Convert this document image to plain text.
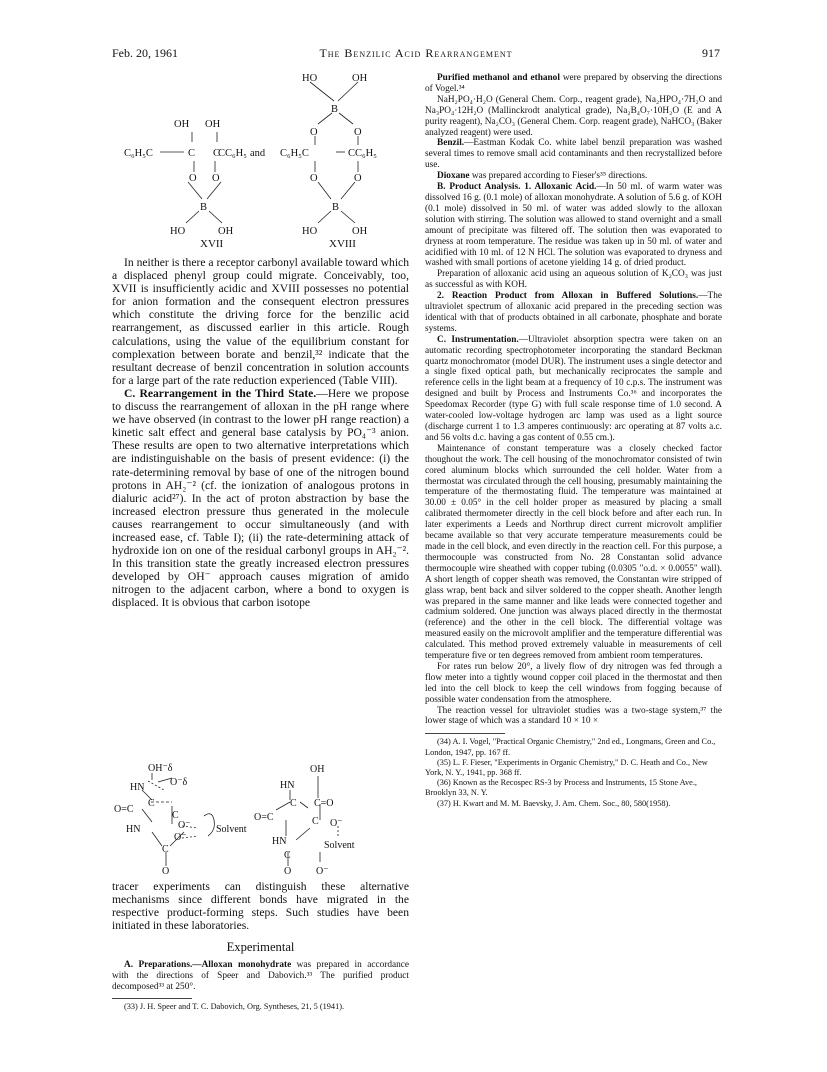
Feb. 20, 1961	The Benzilic Acid Rearrangement	917
OH OH
C C
C₆H₅C	CC₆H₅
O O
B
HO	OH
and
HO	OH
B
O	O
C₆H₅C	CC₆H₅
O	O
B
HO	OH
XVII	XVIII

In neither is there a receptor carbonyl available toward which a displaced phenyl group could migrate. Conceivably, too, XVII is insufficiently acidic and XVIII possesses no potential for anion formation and the consequent electron pressures which constitute the driving force for the benzilic acid rearrangement, as discussed earlier in this article. Rough calculations, using the value of the equilibrium constant for complexation between borate and benzil,³² indicate that the resultant decrease of benzil concentration in solution accounts for a large part of the rate reduction experienced (Table VIII).

C. Rearrangement in the Third State.—Here we propose to discuss the rearrangement of alloxan in the pH range where we have observed (in contrast to the lower pH range reaction) a kinetic salt effect and general base catalysis by PO₄⁻³ anion. These results are open to two alternative interpretations which are indistinguishable on the basis of present evidence: (i) the rate-determining removal by base of one of the nitrogen bound protons in AH₂⁻² (cf. the ionization of analogous protons in dialuric acid²⁷). In the act of proton abstraction by base the increased electron pressure thus generated in the molecule causes rearrangement to occur simultaneously (and with increased ease, cf. Table I); (ii) the rate-determining attack of hydroxide ion on one of the residual carbonyl groups in AH₂⁻². In this transition state the greatly increased electron pressures developed by OH⁻ approach causes migration of amido nitrogen to the adjacent carbon, where a bond to oxygen is displaced. It is obvious that carbon isotope

OH⁻δ
HN	O⁻δ
O=C
C
C
O⁻
HN
O⁻
Solvent
C
O
OH
HN
O=C
C C=O
C O⁻
HN	Solvent
C
O O⁻

tracer experiments can distinguish these alternative mechanisms since different bonds have migrated in the respective product-forming steps. Such studies have been initiated in these laboratories.

Experimental

A. Preparations.—Alloxan monohydrate was prepared in accordance with the directions of Speer and Dabovich.³³ The purified product decomposed³³ at 250°.

(33) J. H. Speer and T. C. Dabovich, Org. Syntheses, 21, 5 (1941).

Purified methanol and ethanol were prepared by observing the directions of Vogel.³⁴

NaH₂PO₄·H₂O (General Chem. Corp., reagent grade), Na₂HPO₄·7H₂O and Na₃PO₄·12H₂O (Mallinckrodt analytical grade), Na₂B₄O₇·10H₂O (E and A purity reagent), Na₂CO₃ (General Chem. Corp. reagent grade), NaHCO₃ (Baker analyzed reagent) were used.

Benzil.—Eastman Kodak Co. white label benzil preparation was washed several times to remove small acid contaminants and then recrystallized before use.

Dioxane was prepared according to Fieser's³⁵ directions.

B. Product Analysis. 1. Alloxanic Acid.—In 50 ml. of warm water was dissolved 16 g. (0.1 mole) of alloxan monohydrate. A solution of 5.6 g. of KOH (0.1 mole) dissolved in 50 ml. of water was added slowly to the alloxan solution with stirring. The solution was allowed to stand overnight and a small amount of precipitate was filtered off. The solution then was evaporated to dryness at room temperature. The residue was taken up in 50 ml. of water and acidified with 10 ml. of 12 N HCl. The solution was evaporated to dryness and washed with small portions of acetone yielding 14 g. of dried product.

Preparation of alloxanic acid using an aqueous solution of K₂CO₃ was just as successful as with KOH.

2. Reaction Product from Alloxan in Buffered Solutions.—The ultraviolet spectrum of alloxanic acid prepared in the preceding section was identical with that of products obtained in all carbonate, phosphate and borate systems.

C. Instrumentation.—Ultraviolet absorption spectra were taken on an automatic recording spectrophotometer incorporating the standard Beckman quartz monochromator (model DUR). The instrument uses a single detector and a single fixed optical path, but mechanically reciprocates the sample and reference cells in the light beam at a frequency of 10 c.p.s. The instrument was designed and built by Process and Instruments Co.³⁶ and incorporates the Speedomax Recorder (type G) with full scale response time of 1.0 second. A water-cooled low-voltage hydrogen arc lamp was used as a light source (discharge current 1 to 1.3 amperes continuously: arc operating at 87 volts a.c. and 56 volts d.c. having a gas content of 0.55 cm.).

Maintenance of constant temperature was a closely checked factor thoughout the work. The cell housing of the monochromator consisted of twin cored aluminum blocks which surrounded the cell holder. Water from a thermostat was circulated through the cell housing, presumably maintaining the temperature of the thermostating fluid. The temperature was maintained at 30.00 ± 0.05° in the cell holder proper as measured by placing a small calibrated thermometer directly in the cell block before and after each run. In later experiments a Leeds and Northrup direct current microvolt amplifier became available so that very accurate temperature measurements could be made in the cell block, and even directly in the reaction cell. For this purpose, a thermocouple was constructed from No. 28 Constantan solid advance thermocouple wire sheathed with copper tubing (0.0305 "o.d. × 0.0055" wall). A short length of copper sheath was removed, the Constantan wire stripped of glass wrap, bent back and silver soldered to the copper sheath. Another length was prepared in the same manner and like leads were connected together and cadmium soldered. One junction was always placed directly in the thermostat (reference) and the other in the cell block. The differential voltage was measured easily on the microvolt amplifier and the temperature differential was calculated. This method proved extremely valuable in measurements of cell temperature five or ten degrees removed from ambient room temperatures.

For rates run below 20°, a lively flow of dry nitrogen was fed through a flow meter into a tightly wound copper coil placed in the thermostat and then led into the cell block to keep the cell windows from fogging because of possible water condensation from the atmosphere.

The reaction vessel for ultraviolet studies was a two-stage system,³⁷ the lower stage of which was a standard 10 × 10 ×

(34) A. I. Vogel, "Practical Organic Chemistry," 2nd ed., Longmans, Green and Co., London, 1947, pp. 167 ff.

(35) L. F. Fieser, "Experiments in Organic Chemistry," D. C. Heath and Co., New York, N. Y., 1941, pp. 368 ff.

(36) Known as the Recospec RS-3 by Process and Instruments, 15 Stone Ave., Brooklyn 33, N. Y.

(37) H. Kwart and M. M. Baevsky, J. Am. Chem. Soc., 80, 580(1958).
